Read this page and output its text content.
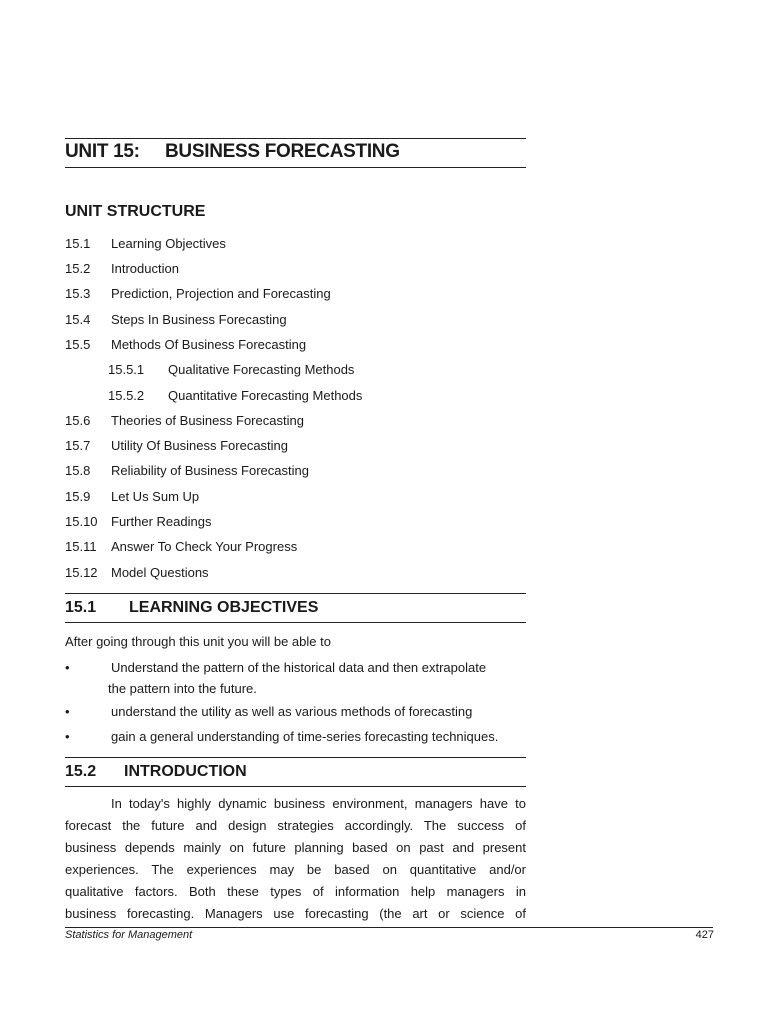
UNIT 15: BUSINESS FORECASTING
UNIT STRUCTURE
15.1 Learning Objectives
15.2 Introduction
15.3 Prediction, Projection and Forecasting
15.4 Steps In Business Forecasting
15.5 Methods Of Business Forecasting
15.5.1 Qualitative Forecasting Methods
15.5.2 Quantitative Forecasting Methods
15.6 Theories of Business Forecasting
15.7 Utility Of Business Forecasting
15.8 Reliability of Business Forecasting
15.9 Let Us Sum Up
15.10 Further Readings
15.11 Answer To Check Your Progress
15.12 Model Questions
15.1 LEARNING OBJECTIVES
After going through this unit you will be able to
•	Understand the pattern of the historical data and then extrapolate
the pattern into the future.
•	understand the utility as well as various methods of forecasting
•	gain a general understanding of time-series forecasting techniques.
15.2 INTRODUCTION
In today's highly dynamic business environment, managers have to
forecast the future and design strategies accordingly. The success of
business depends mainly on future planning based on past and present
experiences. The experiences may be based on quantitative and/or
qualitative factors. Both these types of information help managers in
business forecasting. Managers use forecasting (the art or science of
Statistics for Management	427
